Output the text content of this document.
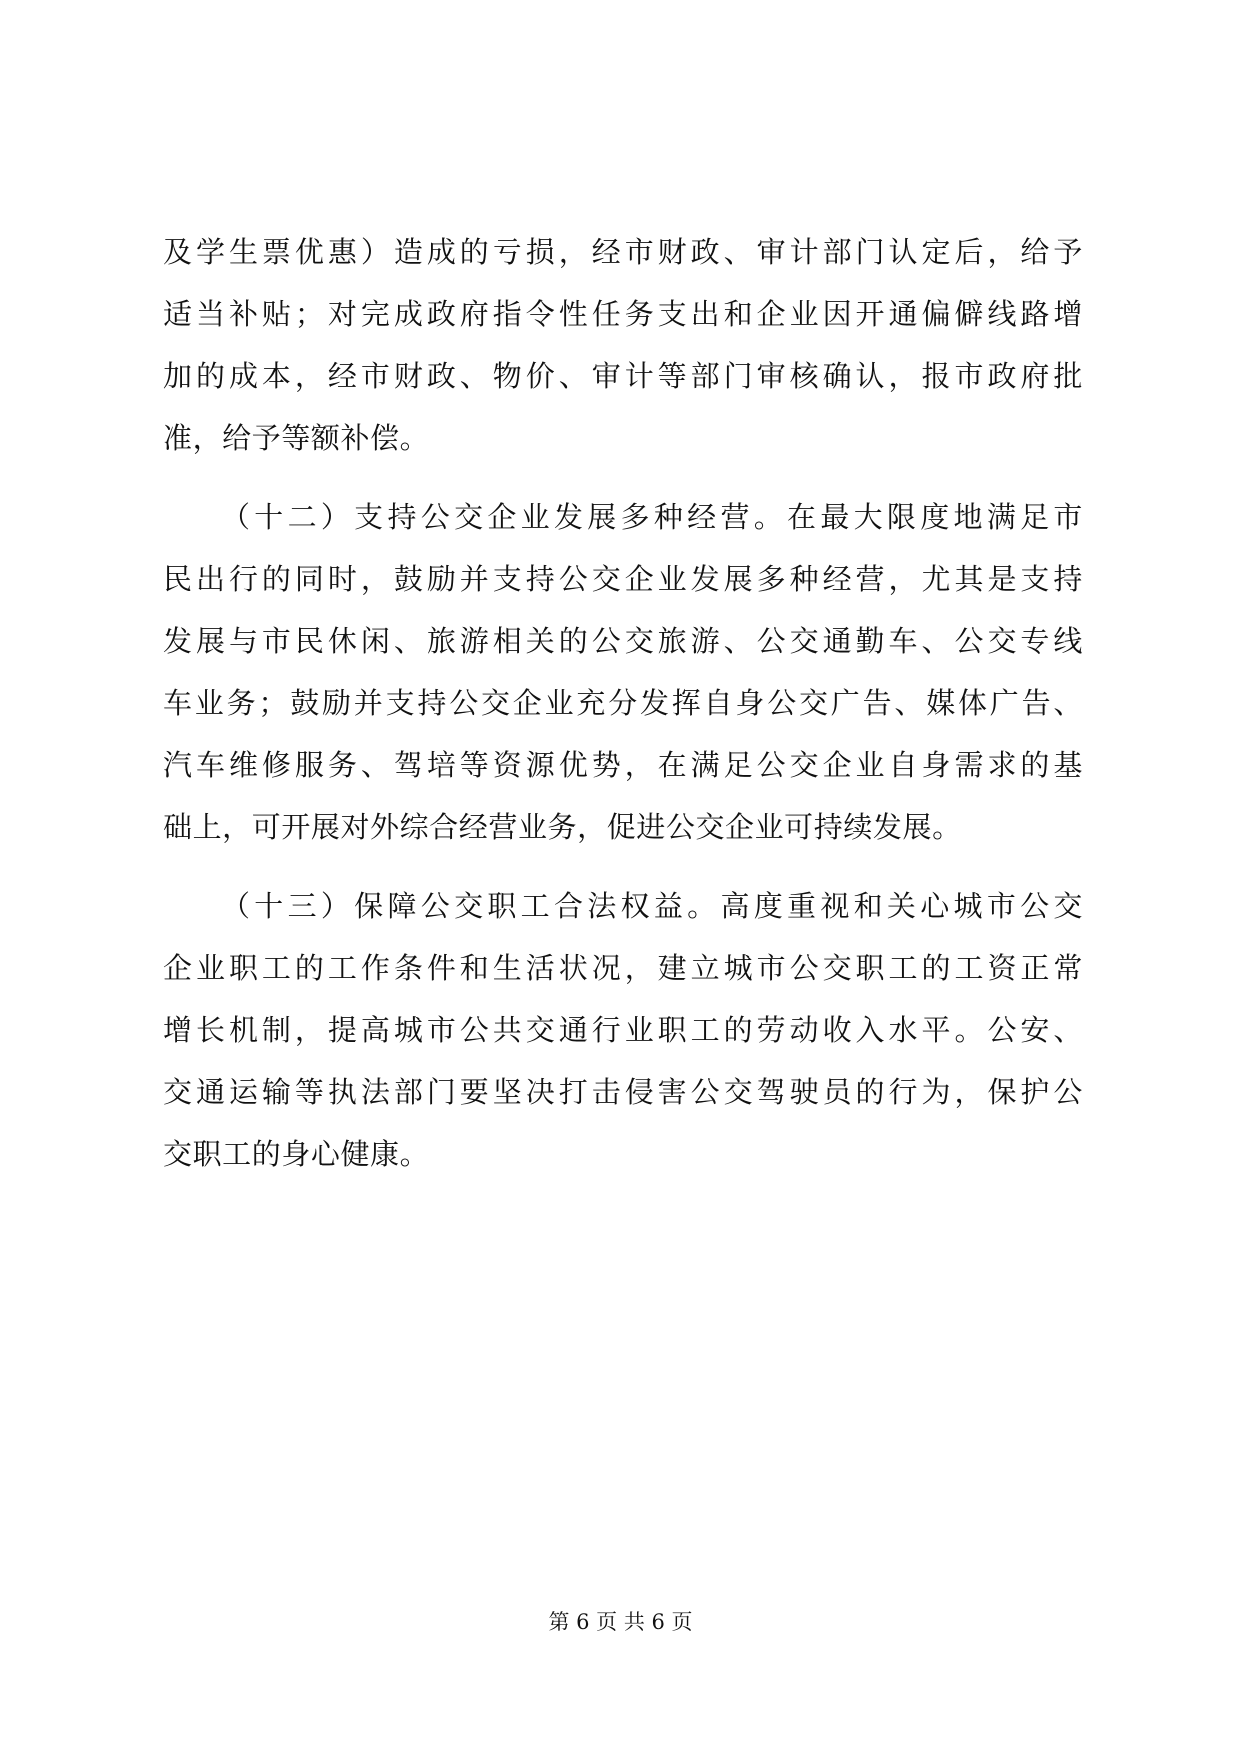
及学生票优惠）造成的亏损，经市财政、审计部门认定后，给予
适当补贴；对完成政府指令性任务支出和企业因开通偏僻线路增
加的成本，经市财政、物价、审计等部门审核确认，报市政府批
准，给予等额补偿。
（十二）支持公交企业发展多种经营。在最大限度地满足市
民出行的同时，鼓励并支持公交企业发展多种经营，尤其是支持
发展与市民休闲、旅游相关的公交旅游、公交通勤车、公交专线
车业务；鼓励并支持公交企业充分发挥自身公交广告、媒体广告、
汽车维修服务、驾培等资源优势，在满足公交企业自身需求的基
础上，可开展对外综合经营业务，促进公交企业可持续发展。
（十三）保障公交职工合法权益。高度重视和关心城市公交
企业职工的工作条件和生活状况，建立城市公交职工的工资正常
增长机制，提高城市公共交通行业职工的劳动收入水平。公安、
交通运输等执法部门要坚决打击侵害公交驾驶员的行为，保护公
交职工的身心健康。
第 6 页 共 6 页
